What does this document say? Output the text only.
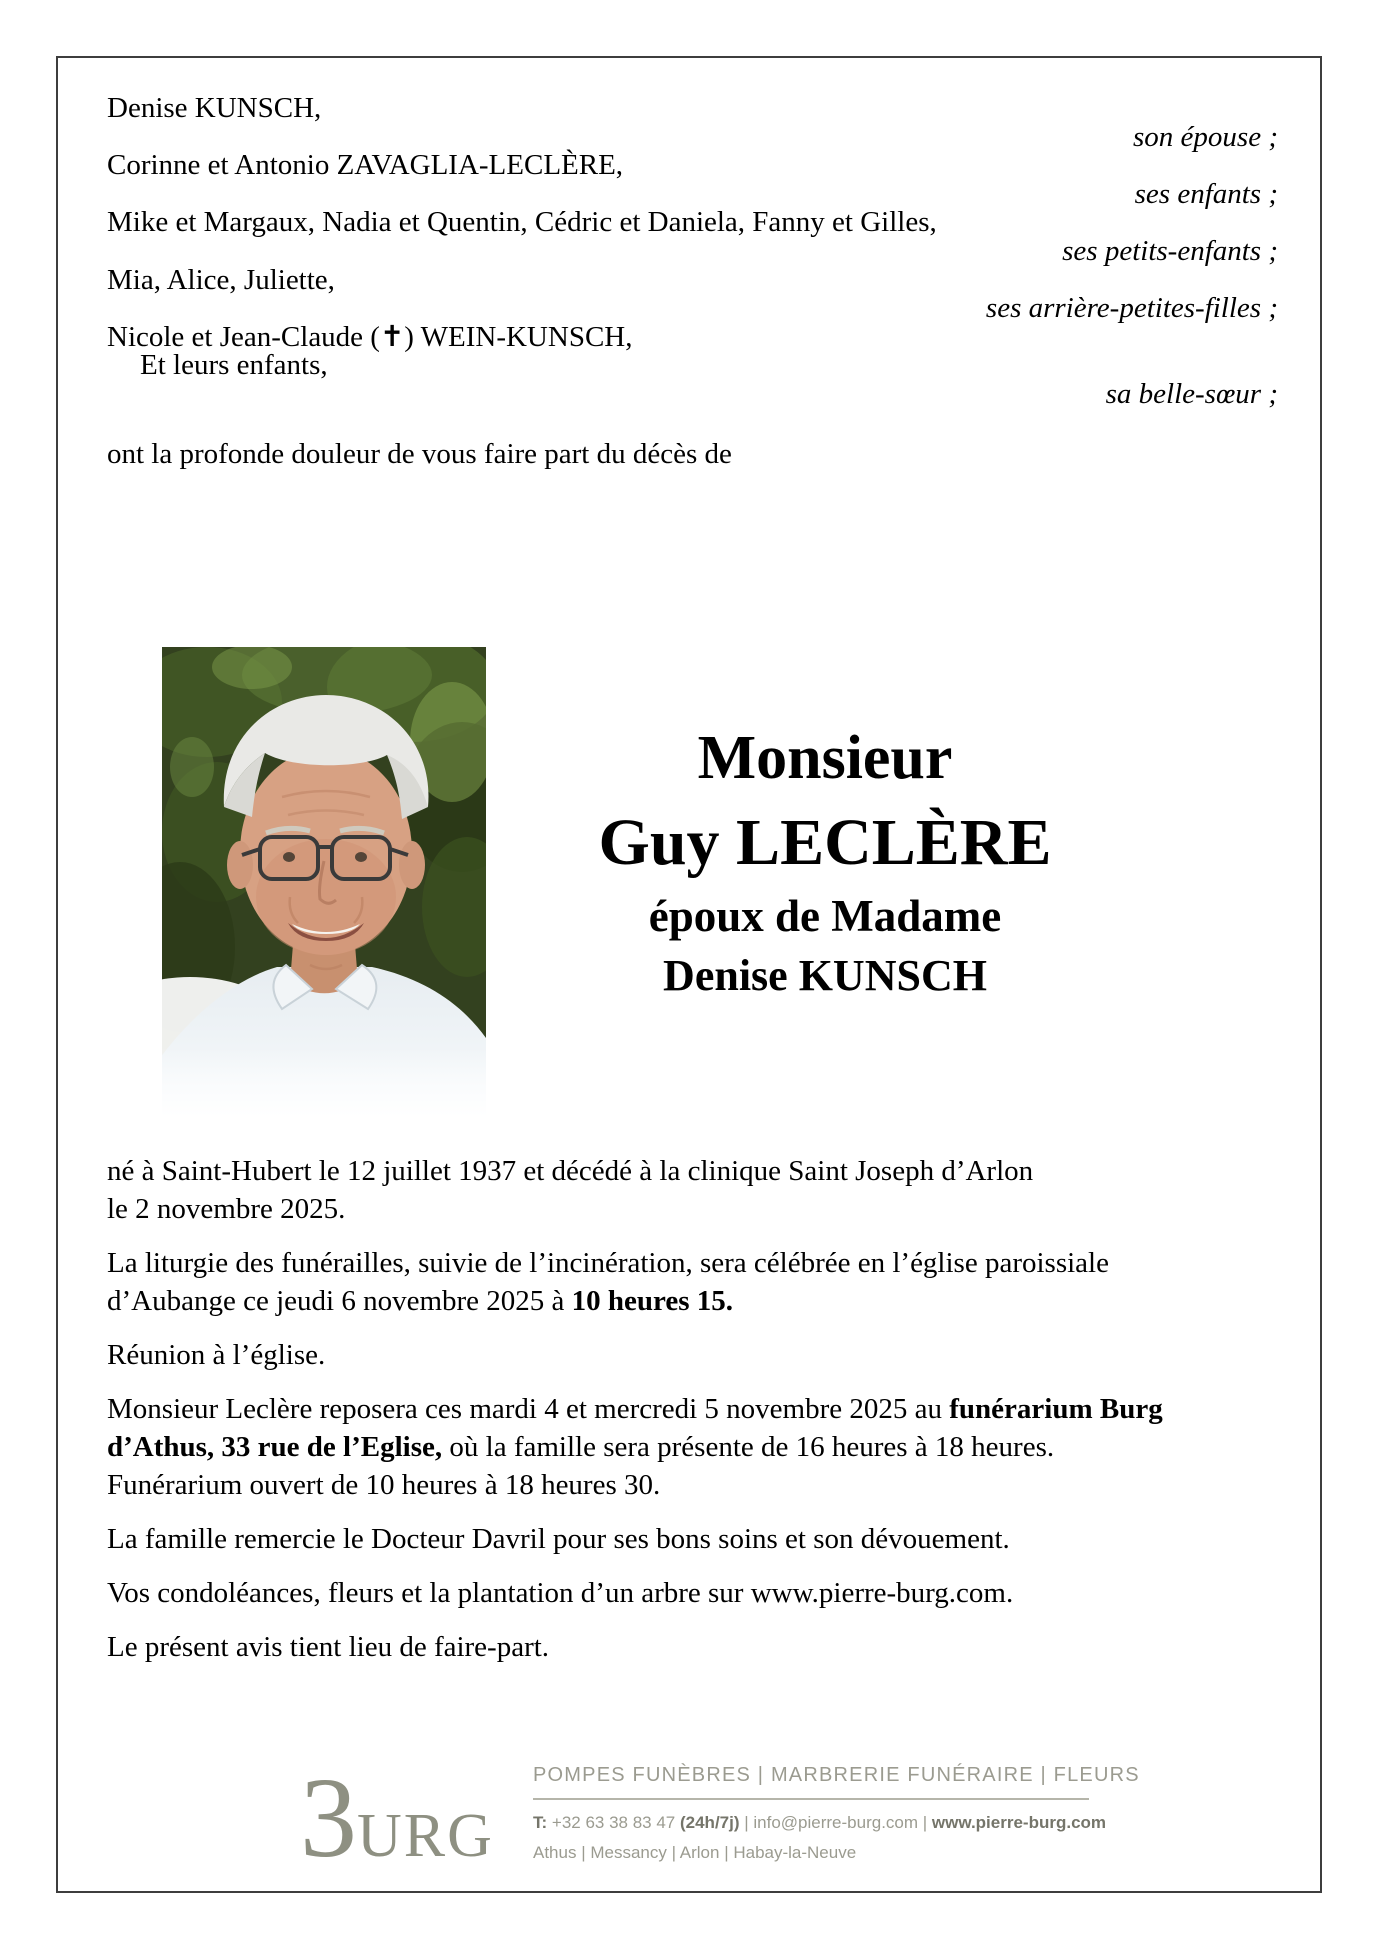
Denise KUNSCH,
son épouse ;
Corinne et Antonio ZAVAGLIA-LECLÈRE,
ses enfants ;
Mike et Margaux, Nadia et Quentin, Cédric et Daniela, Fanny et Gilles,
ses petits-enfants ;
Mia, Alice, Juliette,
ses arrière-petites-filles ;
Nicole et Jean-Claude (✝) WEIN-KUNSCH,
Et leurs enfants,
sa belle-sœur ;
ont la profonde douleur de vous faire part du décès de
Monsieur
Guy LECLÈRE
époux de Madame
Denise KUNSCH

né à Saint-Hubert le 12 juillet 1937 et décédé à la clinique Saint Joseph d’Arlon
le 2 novembre 2025.

La liturgie des funérailles, suivie de l’incinération, sera célébrée en l’église paroissiale
d’Aubange ce jeudi 6 novembre 2025 à 10 heures 15.

Réunion à l’église.

Monsieur Leclère reposera ces mardi 4 et mercredi 5 novembre 2025 au funérarium Burg
d’Athus, 33 rue de l’Eglise, où la famille sera présente de 16 heures à 18 heures.
Funérarium ouvert de 10 heures à 18 heures 30.

La famille remercie le Docteur Davril pour ses bons soins et son dévouement.

Vos condoléances, fleurs et la plantation d’un arbre sur www.pierre-burg.com.

Le présent avis tient lieu de faire-part.

3 URG
POMPES FUNÈBRES | MARBRERIE FUNÉRAIRE | FLEURS
T: +32 63 38 83 47 (24h/7j) | info@pierre-burg.com | www.pierre-burg.com
Athus | Messancy | Arlon | Habay-la-Neuve
